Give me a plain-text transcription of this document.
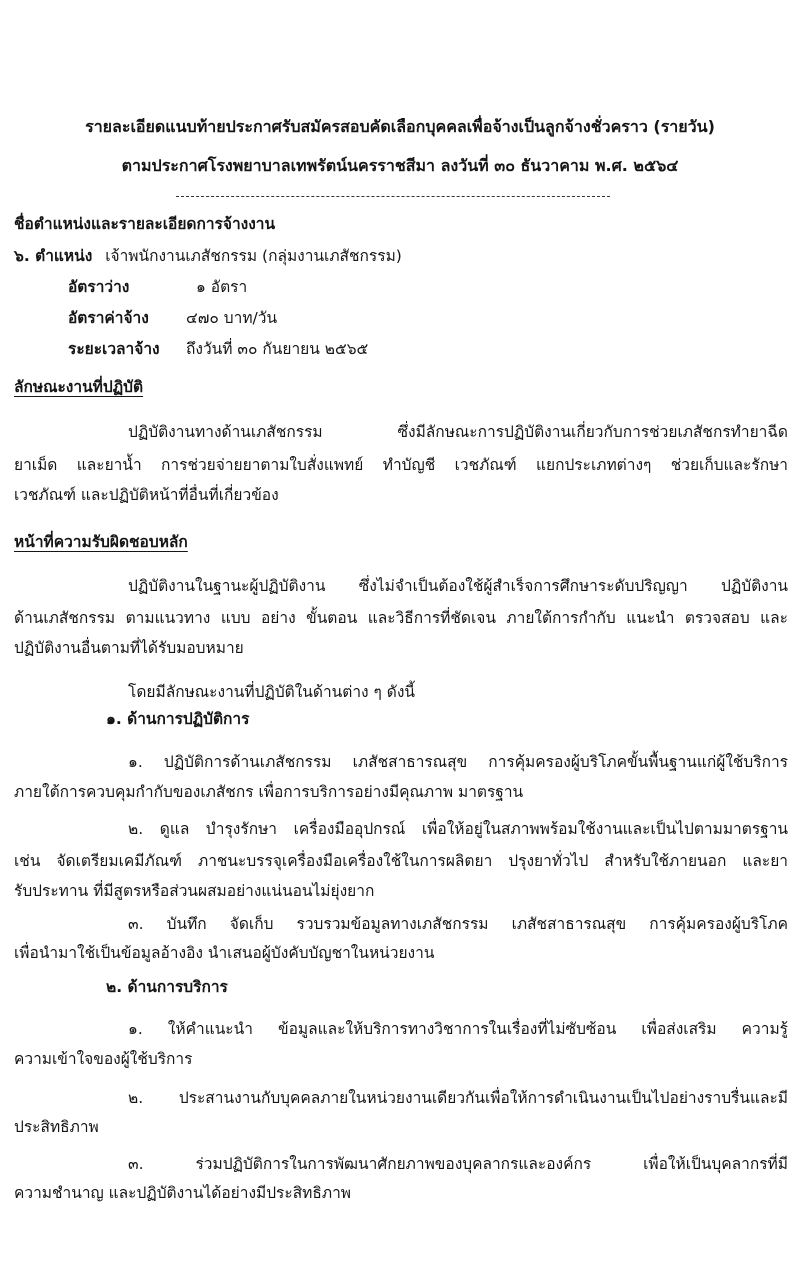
รายละเอียดแนบท้ายประกาศรับสมัครสอบคัดเลือกบุคคลเพื่อจ้างเป็นลูกจ้างชั่วคราว (รายวัน)
ตามประกาศโรงพยาบาลเทพรัตน์นครราชสีมา ลงวันที่ ๓๐ ธันวาคาม พ.ศ. ๒๕๖๔
ชื่อตำแหน่งและรายละเอียดการจ้างงาน
๖. ตำแหน่ง เจ้าพนักงานเภสัชกรรม (กลุ่มงานเภสัชกรรม)
อัตราว่าง	๑ อัตรา
อัตราค่าจ้าง ๔๗๐ บาท/วัน
ระยะเวลาจ้าง ถึงวันที่ ๓๐ กันยายน ๒๕๖๕
ลักษณะงานที่ปฏิบัติ
ปฏิบัติงานทางด้านเภสัชกรรม ซึ่งมีลักษณะการปฏิบัติงานเกี่ยวกับการช่วยเภสัชกรทำยาฉีด
ยาเม็ด และยาน้ำ การช่วยจ่ายยาตามใบสั่งแพทย์ ทำบัญชี เวชภัณฑ์ แยกประเภทต่างๆ ช่วยเก็บและรักษา
เวชภัณฑ์ และปฏิบัติหน้าที่อื่นที่เกี่ยวข้อง
หน้าที่ความรับผิดชอบหลัก
ปฏิบัติงานในฐานะผู้ปฏิบัติงาน ซึ่งไม่จำเป็นต้องใช้ผู้สำเร็จการศึกษาระดับปริญญา ปฏิบัติงาน
ด้านเภสัชกรรม ตามแนวทาง แบบ อย่าง ขั้นตอน และวิธีการที่ชัดเจน ภายใต้การกำกับ แนะนำ ตรวจสอบ และ
ปฏิบัติงานอื่นตามที่ได้รับมอบหมาย
โดยมีลักษณะงานที่ปฏิบัติในด้านต่าง ๆ ดังนี้
๑. ด้านการปฏิบัติการ
๑. ปฏิบัติการด้านเภสัชกรรม เภสัชสาธารณสุข การคุ้มครองผู้บริโภคขั้นพื้นฐานแก่ผู้ใช้บริการ
ภายใต้การควบคุมกำกับของเภสัชกร เพื่อการบริการอย่างมีคุณภาพ มาตรฐาน
๒. ดูแล บำรุงรักษา เครื่องมืออุปกรณ์ เพื่อให้อยู่ในสภาพพร้อมใช้งานและเป็นไปตามมาตรฐาน
เช่น จัดเตรียมเคมีภัณฑ์ ภาชนะบรรจุเครื่องมือเครื่องใช้ในการผลิตยา ปรุงยาทั่วไป สำหรับใช้ภายนอก และยา
รับประทาน ที่มีสูตรหรือส่วนผสมอย่างแน่นอนไม่ยุ่งยาก
๓. บันทึก จัดเก็บ รวบรวมข้อมูลทางเภสัชกรรม เภสัชสาธารณสุข การคุ้มครองผู้บริโภค
เพื่อนำมาใช้เป็นข้อมูลอ้างอิง นำเสนอผู้บังคับบัญชาในหน่วยงาน
๒. ด้านการบริการ
๑. ให้คำแนะนำ ข้อมูลและให้บริการทางวิชาการในเรื่องที่ไม่ซับซ้อน เพื่อส่งเสริม ความรู้
ความเข้าใจของผู้ใช้บริการ
๒. ประสานงานกับบุคคลภายในหน่วยงานเดียวกันเพื่อให้การดำเนินงานเป็นไปอย่างราบรื่นและมี
ประสิทธิภาพ
๓. ร่วมปฏิบัติการในการพัฒนาศักยภาพของบุคลากรและองค์กร เพื่อให้เป็นบุคลากรที่มี
ความชำนาญ และปฏิบัติงานได้อย่างมีประสิทธิภาพ
